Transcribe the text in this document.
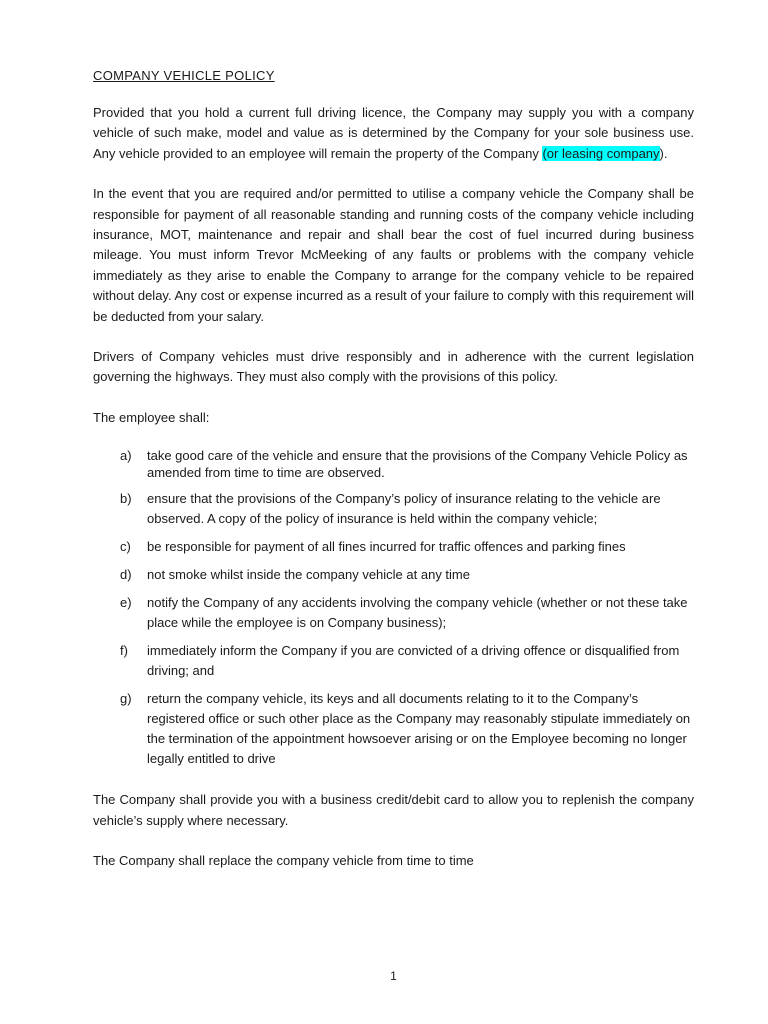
COMPANY VEHICLE POLICY

Provided that you hold a current full driving licence, the Company may supply you with a company vehicle of such make, model and value as is determined by the Company for your sole business use. Any vehicle provided to an employee will remain the property of the Company (or leasing company).

In the event that you are required and/or permitted to utilise a company vehicle the Company shall be responsible for payment of all reasonable standing and running costs of the company vehicle including insurance, MOT, maintenance and repair and shall bear the cost of fuel incurred during business mileage. You must inform Trevor McMeeking of any faults or problems with the company vehicle immediately as they arise to enable the Company to arrange for the company vehicle to be repaired without delay. Any cost or expense incurred as a result of your failure to comply with this requirement will be deducted from your salary.

Drivers of Company vehicles must drive responsibly and in adherence with the current legislation governing the highways. They must also comply with the provisions of this policy.

The employee shall:

a)	take good care of the vehicle and ensure that the provisions of the Company Vehicle Policy as amended from time to time are observed.
b)	ensure that the provisions of the Company’s policy of insurance relating to the vehicle are observed. A copy of the policy of insurance is held within the company vehicle;
c)	be responsible for payment of all fines incurred for traffic offences and parking fines
d)	not smoke whilst inside the company vehicle at any time
e)	notify the Company of any accidents involving the company vehicle (whether or not these take place while the employee is on Company business);
f)	immediately inform the Company if you are convicted of a driving offence or disqualified from driving; and
g)	return the company vehicle, its keys and all documents relating to it to the Company’s registered office or such other place as the Company may reasonably stipulate immediately on the termination of the appointment howsoever arising or on the Employee becoming no longer legally entitled to drive

The Company shall provide you with a business credit/debit card to allow you to replenish the company vehicle’s supply where necessary.

The Company shall replace the company vehicle from time to time

1
